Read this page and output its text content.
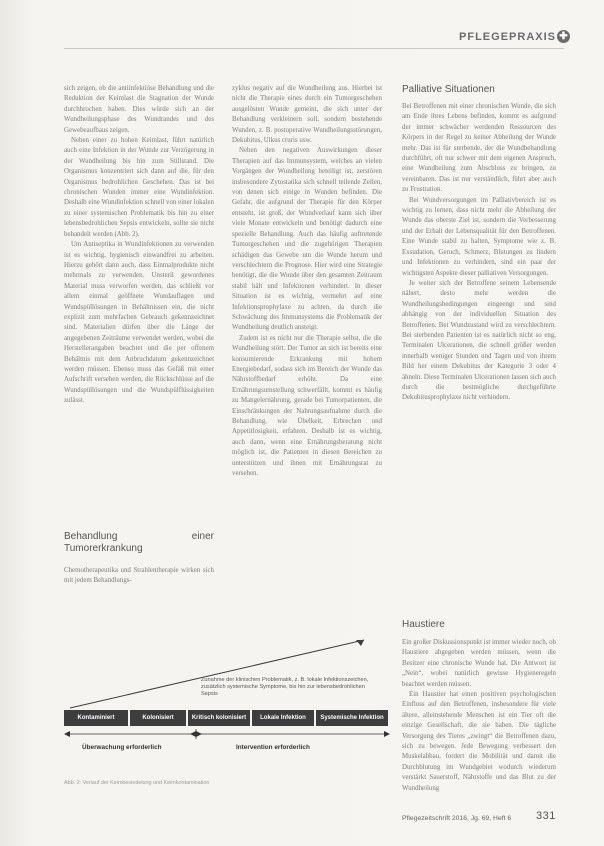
PFLEGEPRAXIS ✚

sich zeigen, ob die antiinfektiöse Behandlung und die Reduktion der Keimlast die Stagnation der Wunde durchbrochen haben. Dies würde sich an der Wundheilungsphase des Wundrandes und des Gewebeaufbaus zeigen.

Neben einer zu hohen Keimlast, führt natürlich auch eine Infektion in der Wunde zur Verzögerung in der Wundheilung bis hin zum Stillstand. Die Organismus konzentriert sich dann auf die, für den Organismus bedrohlichen Geschehen. Das ist bei chronischen Wunden immer eine Wundinfektion. Deshalb eine Wundinfektion schnell von einer lokalen zu einer systemischen Problematik bis hin zu einer lebensbedrohlichen Sepsis entwickeln, sollte sie nicht behandelt werden (Abb. 2).

Um Antiseptika in Wundinfektionen zu verwenden ist es wichtig, hygienisch einwandfrei zu arbeiten. Hierzu gehört dann auch, dass Einmalprodukte nicht mehrmals zu verwenden. Unsteril gewordenes Material muss verworfen werden, das schließt vor allem einmal geöffnete Wundauflagen und Wundspüllösungen in Behältnissen ein, die nicht explizit zum mehrfachen Gebrauch gekennzeichnet sind. Materialien dürfen über die Länge der angegebenen Zeiträume verwendet werden, wobei die Herstellerangaben beachtet und die per offenem Behältnis mit dem Anbruchdatum gekennzeichnet werden müssen. Ebenso muss das Gefäß mit einer Aufschrift versehen werden, die Rückschlüsse auf die Wundspüllösungen und die Wundspülflüssigkeiten zulässt.

Behandlung einer Tumorerkrankung

Chemotherapeutika und Strahlentherapie wirken sich mit jedem Behandlungs-

zyklus negativ auf die Wundheilung aus. Hierbei ist nicht die Therapie eines durch ein Tumorgeschehen ausgelösten Wunde gemeint, die sich unter der Behandlung verkleinern soll, sondern bestehende Wunden, z. B. postoperative Wundheilungsstörungen, Dekubitus, Ulkus cruris usw.

Neben den negativen Auswirkungen dieser Therapien auf das Immunsystem, welches an vielen Vorgängen der Wundheilung beteiligt ist, zerstören insbesondere Zytostatika sich schnell teilende Zellen, von denen sich einige in Wunden befinden. Die Gefahr, die aufgrund der Therapie für den Körper entsteht, ist groß, der Wundverlauf kann sich über viele Monate entwickeln und benötigt dadurch eine spezielle Behandlung. Auch das häufig auftretende Tumorgeschehen und die zugehörigen Therapien schädigen das Gewebe um die Wunde herum und verschlechtern die Prognose. Hier wird eine Strategie benötigt, die die Wunde über den gesamten Zeitraum stabil hält und Infektionen verhindert. In dieser Situation ist es wichtig, vermehrt auf eine Infektionsprophylaxe zu achten, da durch die Schwächung des Immunsystems die Problematik der Wundheilung deutlich ansteigt.

Zudem ist es nicht nur die Therapie selbst, die die Wundheilung stört. Der Tumor an sich ist bereits eine konsumierende Erkrankung mit hohem Energiebedarf, sodass sich im Bereich der Wunde das Nährstoffbedarf erhöht. Da eine Ernährungsumstellung schwerfällt, kommt es häufig zu Mangelernährung, gerade bei Tumorpatienten, die Einschränkungen der Nahrungsaufnahme durch die Behandlung, wie Übelkeit, Erbrechen und Appetitlosigkeit, erfahren. Deshalb ist es wichtig, auch dann, wenn eine Ernährungsberatung nicht möglich ist, die Patienten in diesen Bereichen zu unterstützen und ihnen mit Ernährungsrat zu versehen.

Palliative Situationen

Bei Betroffenen mit einer chronischen Wunde, die sich am Ende ihres Lebens befinden, kommt es aufgrund der immer schwächer werdenden Ressourcen des Körpers in der Regel zu keiner Abheilung der Wunde mehr. Das ist für sterbende, der die Wundbehandlung durchführt, oft nur schwer mit dem eigenen Anspruch, eine Wundheilung zum Abschluss zu bringen, zu vereinbaren. Das ist nur verständlich, führt aber auch zu Frustration.

Bei Wundversorgungen im Palliativbereich ist es wichtig zu lernen, dass nicht mehr die Abheilung der Wunde das oberste Ziel ist, sondern die Verbesserung und der Erhalt der Lebensqualität für den Betroffenen. Eine Wunde stabil zu halten, Symptome wie z. B. Exsudation, Geruch, Schmerz, Blutungen zu lindern und Infektionen zu verhindern, sind ein paar der wichtigsten Aspekte dieser palliativen Versorgungen.

Je weiter sich der Betroffene seinem Lebensende nähert, desto mehr werden die Wundheilungsbedingungen eingeengt und sind abhängig von der individuellen Situation des Betroffenen. Bei Wundzustand wird zu verschlechtern. Bei sterbenden Patienten ist es natürlich nicht so eng, Terminalen Ulcerationen, die schnell größer werden innerhalb weniger Stunden und Tagen und von ihrem Bild her einem Dekubitus der Kategorie 3 oder 4 ähneln. Diese Terminalen Ulcerationen lassen sich auch durch die bestmögliche durchgeführte Dekubitusprophylaxe nicht verhindern.

Haustiere

Ein großer Diskussionspunkt ist immer wieder noch, ob Haustiere abgegeben werden müssen, wenn die Besitzer eine chronische Wunde hat. Die Antwort ist „Nein“, wobei natürlich gewisse Hygieneregeln beachtet werden müssen.

Ein Haustier hat einen positiven psychologischen Einfluss auf den Betroffenen, insbesondere für viele ältere, alleinstehende Menschen ist ein Tier oft die einzige Gesellschaft, die sie haben. Die tägliche Versorgung des Tieres „zwingt“ die Betroffenen dazu, sich zu bewegen. Jede Bewegung verbessert den Muskelabbau, fordert die Mobilität und damit die Durchblutung im Wundgebiet wodurch wiederum verstärkt Sauerstoff, Nährstoffe und das Blut zu der Wundheilung

Zunahme der klinischen Problematik, z. B. lokale Infektionszeichen, zusätzlich systemische Symptome, bis hin zur lebensbedrohlichen Sepsis
Kontaminiert	Kolonisiert	Kritisch kolonisiert	Lokale Infektion	Systemische Infektion
Überwachung erforderlich	Intervention erforderlich
Abb. 2: Verlauf der Keimbesiedelung und Keimkontamination
Pflegezeitschrift 2016, Jg. 69, Heft 6 331
